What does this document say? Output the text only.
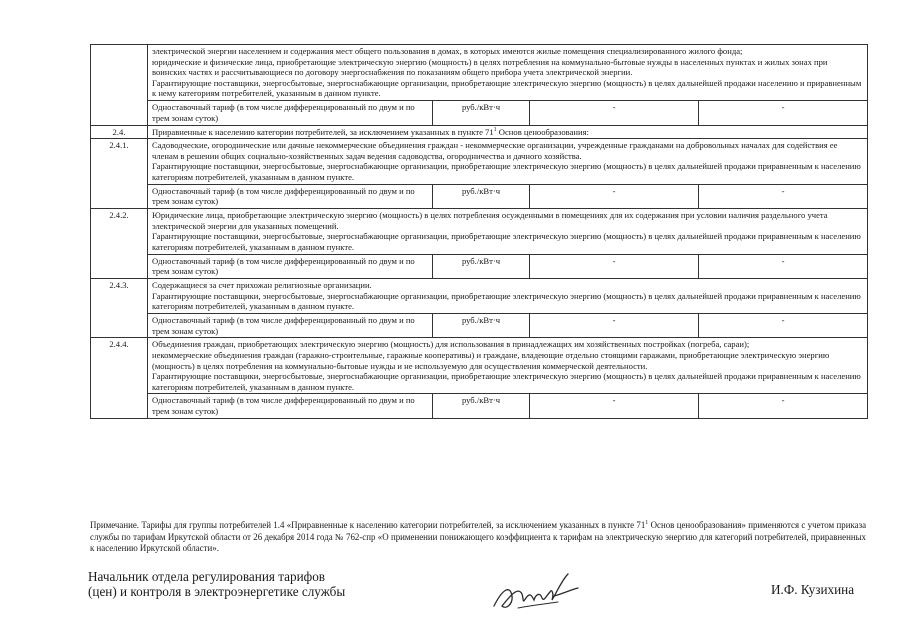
	электрической энергии населением и содержания мест общего пользования в домах, в которых имеются жилые помещения специализированного жилого фонда;
юридические и физические лица, приобретающие электрическую энергию (мощность) в целях потребления на коммунально-бытовые нужды в населенных пунктах и жилых зонах при воинских частях и рассчитывающиеся по договору энергоснабжения по показаниям общего прибора учета электрической энергии.
Гарантирующие поставщики, энергосбытовые, энергоснабжающие организации, приобретающие электрическую энергию (мощность) в целях дальнейшей продажи населению и приравненным к нему категориям потребителей, указанным в данном пункте.			

	Одноставочный тариф (в том числе дифференцированный по двум и по трем зонам суток)	руб./кВт·ч	-	-
2.4.	Приравненные к населению категории потребителей, за исключением указанных в пункте $71^1$ Основ ценообразования:			
2.4.1.	Садоводческие, огороднические или дачные некоммерческие объединения граждан - некоммерческие организации, учрежденные гражданами на добровольных началах для содействия ее членам в решении общих социально-хозяйственных задач ведения садоводства, огородничества и дачного хозяйства.
Гарантирующие поставщики, энергосбытовые, энергоснабжающие организации, приобретающие электрическую энергию (мощность) в целях дальнейшей продажи приравненным к населению категориям потребителей, указанным в данном пункте.			

	Одноставочный тариф (в том числе дифференцированный по двум и по трем зонам суток)	руб./кВт·ч	-	-
2.4.2.	Юридические лица, приобретающие электрическую энергию (мощность) в целях потребления осужденными в помещениях для их содержания при условии наличия раздельного учета электрической энергии для указанных помещений.
Гарантирующие поставщики, энергосбытовые, энергоснабжающие организации, приобретающие электрическую энергию (мощность) в целях дальнейшей продажи приравненным к населению категориям потребителей, указанным в данном пункте.			

	Одноставочный тариф (в том числе дифференцированный по двум и по трем зонам суток)	руб./кВт·ч	-	-
2.4.3.	Содержащиеся за счет прихожан религиозные организации.
Гарантирующие поставщики, энергосбытовые, энергоснабжающие организации, приобретающие электрическую энергию (мощность) в целях дальнейшей продажи приравненным к населению категориям потребителей, указанным в данном пункте.			

	Одноставочный тариф (в том числе дифференцированный по двум и по трем зонам суток)	руб./кВт·ч	-	-
2.4.4.	Объединения граждан, приобретающих электрическую энергию (мощность) для использования в принадлежащих им хозяйственных постройках (погреба, сараи);
некоммерческие объединения граждан (гаражно-строительные, гаражные кооперативы) и граждане, владеющие отдельно стоящими гаражами, приобретающие электрическую энергию (мощность) в целях потребления на коммунально-бытовые нужды и не используемую для осуществления коммерческой деятельности.
Гарантирующие поставщики, энергосбытовые, энергоснабжающие организации, приобретающие электрическую энергию (мощность) в целях дальнейшей продажи приравненным к населению категориям потребителей, указанным в данном пункте.			

	Одноставочный тариф (в том числе дифференцированный по двум и по трем зонам суток)	руб./кВт·ч	-	-

Примечание. Тарифы для группы потребителей 1.4 «Приравненные к населению категории потребителей, за исключением указанных в пункте $71^1$ Основ ценообразования» применяются с учетом приказа службы по тарифам Иркутской области от 26 декабря 2014 года № 762-спр «О применении понижающего коэффициента к тарифам на электрическую энергию для категорий потребителей, приравненных к населению Иркутской области».

Начальник отдела регулирования тарифов
(цен) и контроля в электроэнергетике службы	И.Ф. Кузихина
